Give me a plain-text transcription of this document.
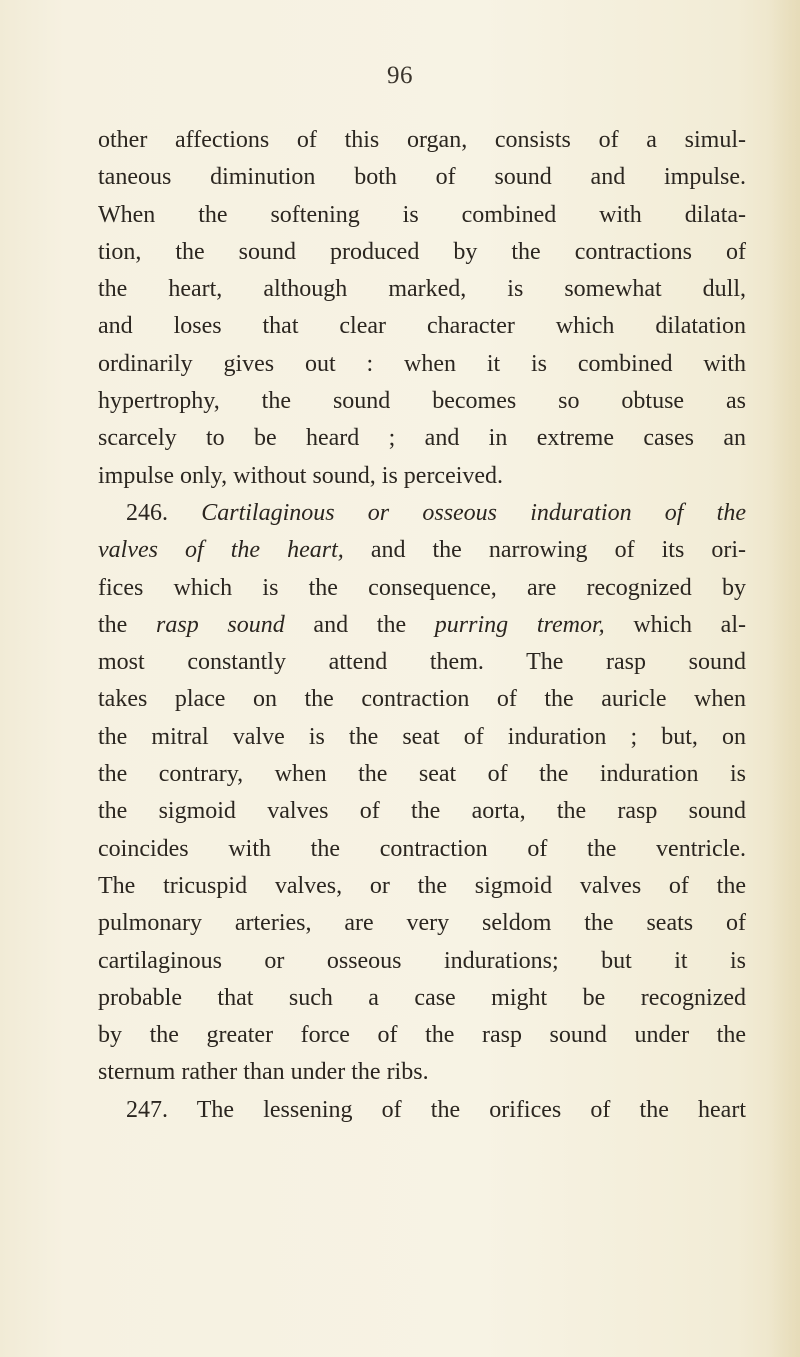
96
other affections of this organ, consists of a simul-
taneous diminution both of sound and impulse.
When the softening is combined with dilata-
tion, the sound produced by the contractions of
the heart, although marked, is somewhat dull,
and loses that clear character which dilatation
ordinarily gives out : when it is combined with
hypertrophy, the sound becomes so obtuse as
scarcely to be heard ; and in extreme cases an
impulse only, without sound, is perceived.
246. Cartilaginous or osseous induration of the
valves of the heart, and the narrowing of its ori-
fices which is the consequence, are recognized by
the rasp sound and the purring tremor, which al-
most constantly attend them. The rasp sound
takes place on the contraction of the auricle when
the mitral valve is the seat of induration ; but, on
the contrary, when the seat of the induration is
the sigmoid valves of the aorta, the rasp sound
coincides with the contraction of the ventricle.
The tricuspid valves, or the sigmoid valves of the
pulmonary arteries, are very seldom the seats of
cartilaginous or osseous indurations; but it is
probable that such a case might be recognized
by the greater force of the rasp sound under the
sternum rather than under the ribs.
247. The lessening of the orifices of the heart
